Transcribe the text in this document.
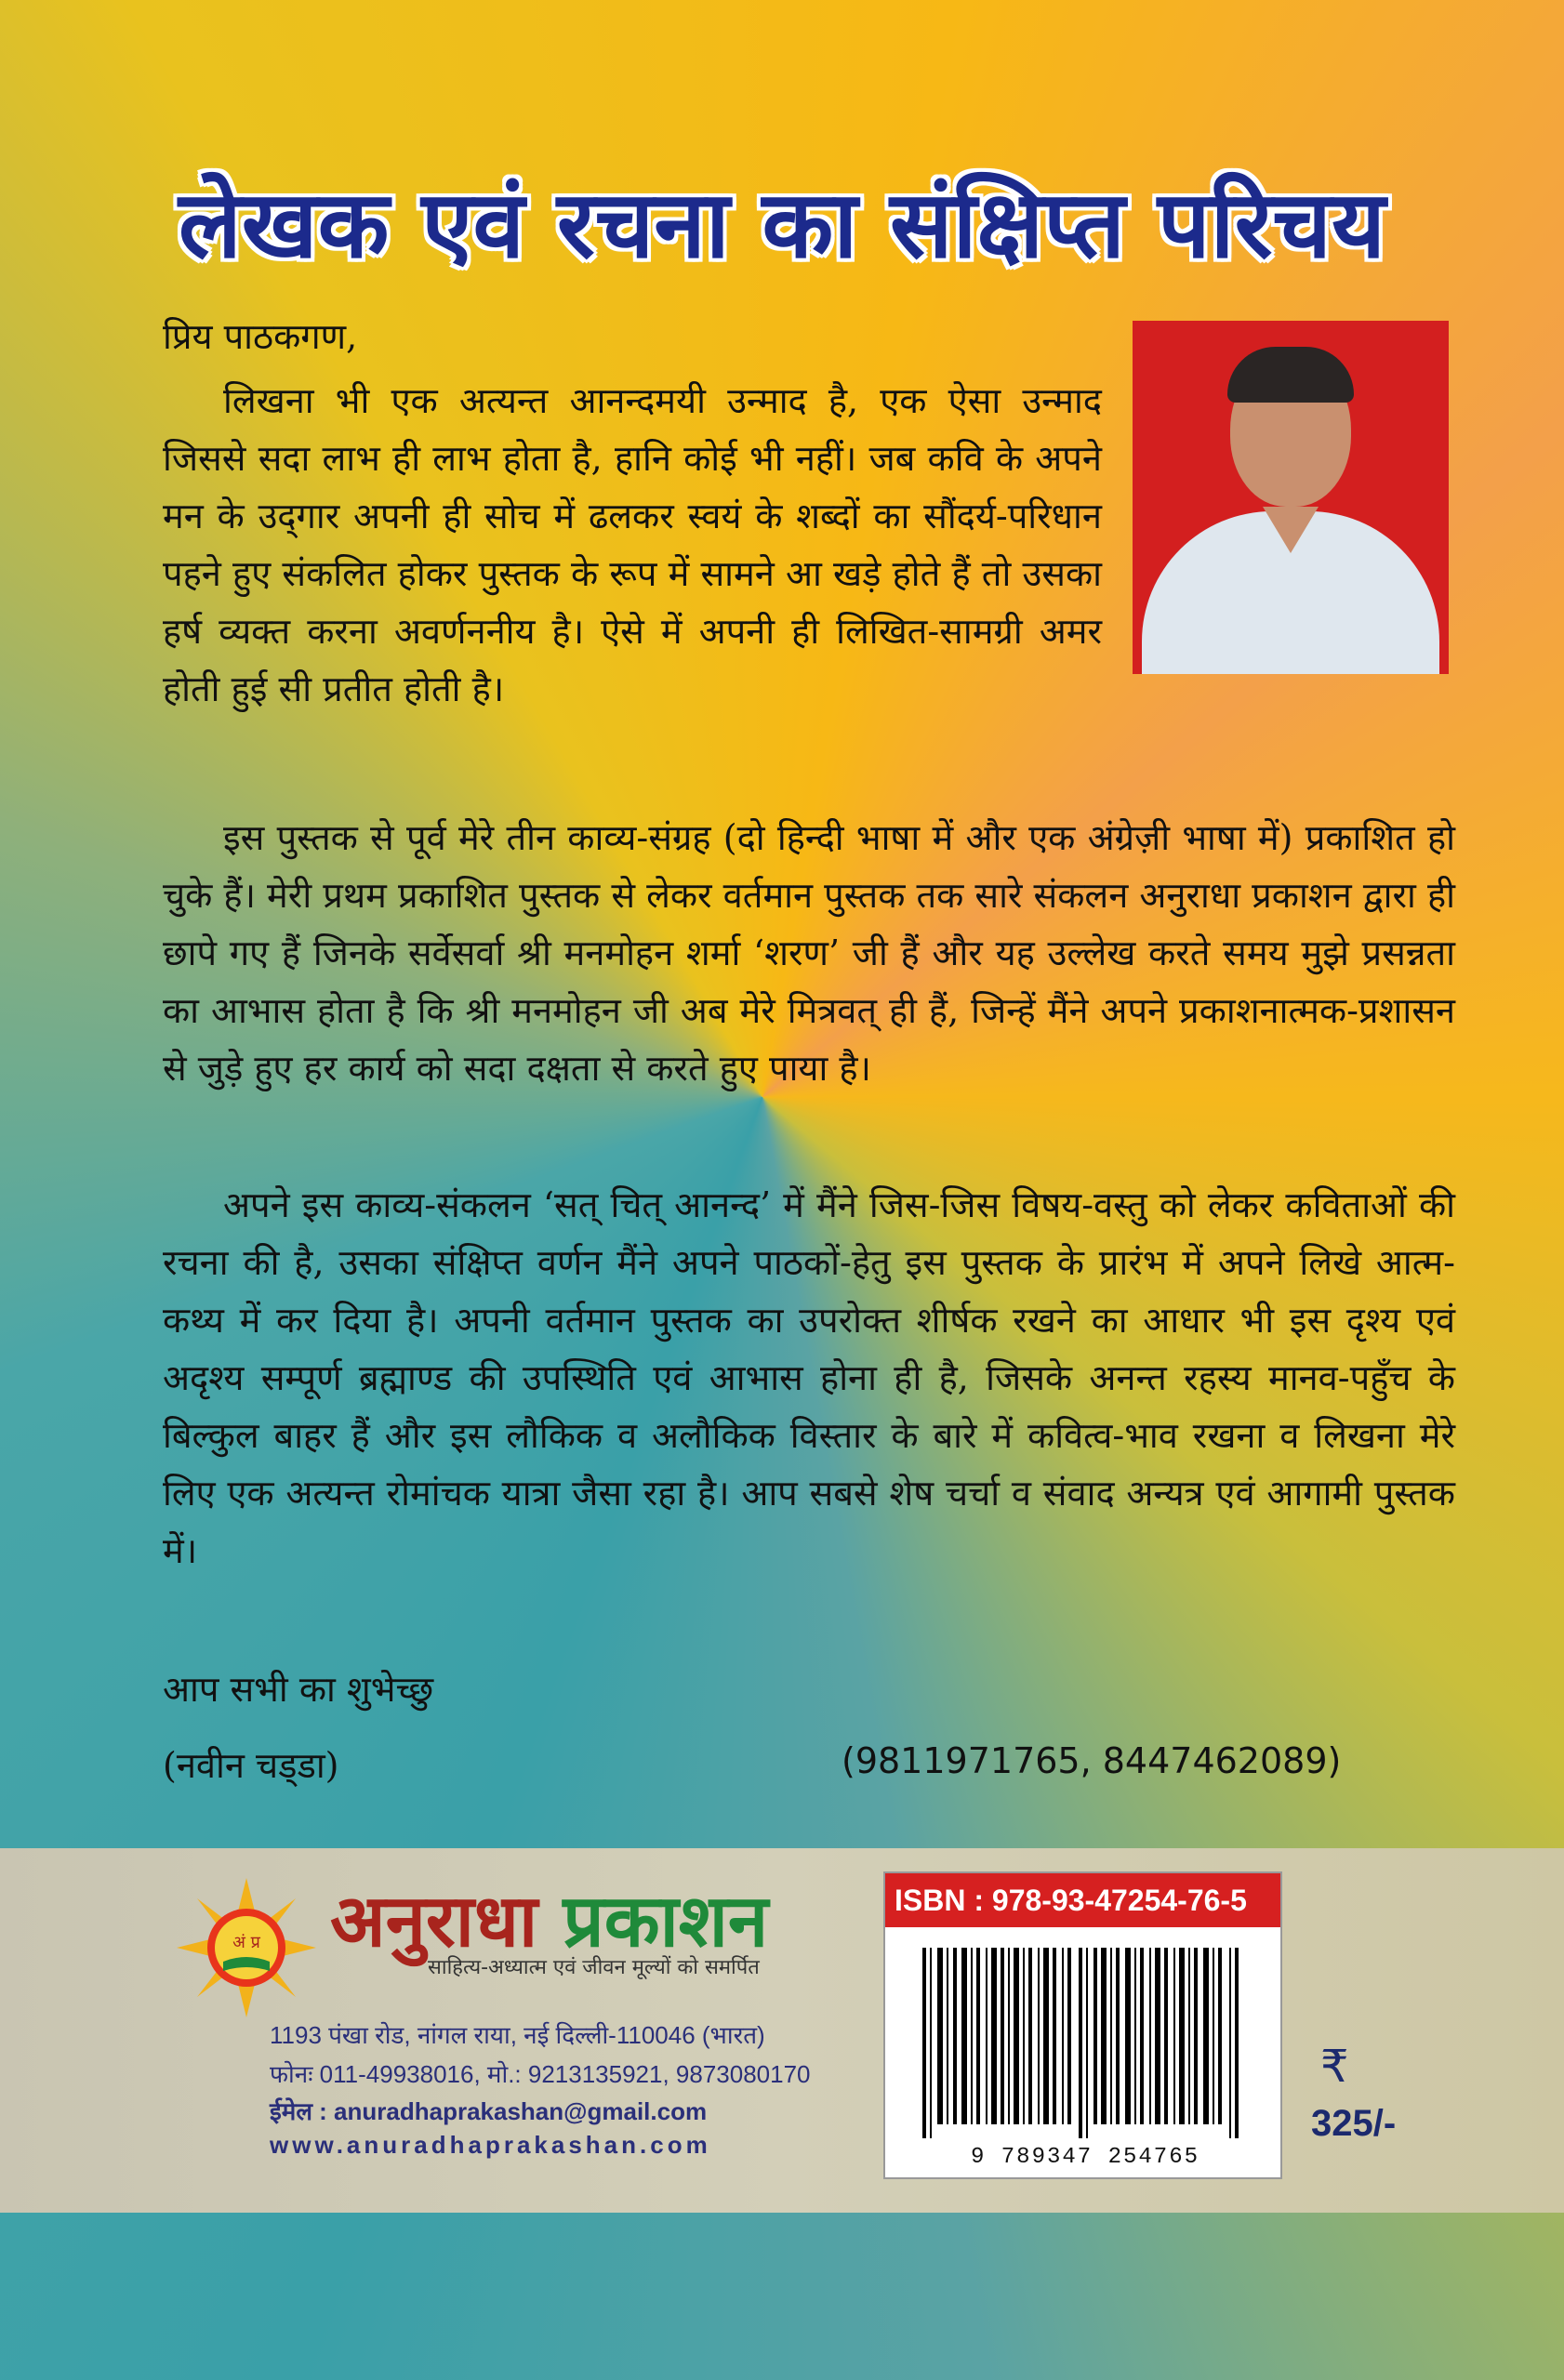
लेखक एवं रचना का संक्षिप्त परिचय
प्रिय पाठकगण,

लिखना भी एक अत्यन्त आनन्दमयी उन्माद है, एक ऐसा उन्माद जिससे सदा लाभ ही लाभ होता है, हानि कोई भी नहीं। जब कवि के अपने मन के उद्‌गार अपनी ही सोच में ढलकर स्वयं के शब्दों का सौंदर्य-परिधान पहने हुए संकलित होकर पुस्तक के रूप में सामने आ खड़े होते हैं तो उसका हर्ष व्यक्त करना अवर्णननीय है। ऐसे में अपनी ही लिखित-सामग्री अमर होती हुई सी प्रतीत होती है।

इस पुस्तक से पूर्व मेरे तीन काव्य-संग्रह (दो हिन्दी भाषा में और एक अंग्रेज़ी भाषा में) प्रकाशित हो चुके हैं। मेरी प्रथम प्रकाशित पुस्तक से लेकर वर्तमान पुस्तक तक सारे संकलन अनुराधा प्रकाशन द्वारा ही छापे गए हैं जिनके सर्वेसर्वा श्री मनमोहन शर्मा ‘शरण’ जी हैं और यह उल्लेख करते समय मुझे प्रसन्नता का आभास होता है कि श्री मनमोहन जी अब मेरे मित्रवत्‌ ही हैं, जिन्हें मैंने अपने प्रकाशनात्मक-प्रशासन से जुड़े हुए हर कार्य को सदा दक्षता से करते हुए पाया है।

अपने इस काव्य-संकलन ‘सत्‌ चित्‌ आनन्द’ में मैंने जिस-जिस विषय-वस्तु को लेकर कविताओं की रचना की है, उसका संक्षिप्त वर्णन मैंने अपने पाठकों-हेतु इस पुस्तक के प्रारंभ में अपने लिखे आत्म-कथ्य में कर दिया है। अपनी वर्तमान पुस्तक का उपरोक्त शीर्षक रखने का आधार भी इस दृश्य एवं अदृश्य सम्पूर्ण ब्रह्माण्ड की उपस्थिति एवं आभास होना ही है, जिसके अनन्त रहस्य मानव-पहुँच के बिल्कुल बाहर हैं और इस लौकिक व अलौकिक विस्तार के बारे में कवित्व-भाव रखना व लिखना मेरे लिए एक अत्यन्त रोमांचक यात्रा जैसा रहा है। आप सबसे शेष चर्चा व संवाद अन्यत्र एवं आगामी पुस्तक में।

आप सभी का शुभेच्छु
(नवीन चड्‌डा)	(9811971765, 8447462089)
अं प्र अनुराधा प्रकाशन
साहित्य-अध्यात्म एवं जीवन मूल्यों को समर्पित
1193 पंखा रोड, नांगल राया, नई दिल्ली-110046 (भारत)
फोनः 011-49938016, मो.: 9213135921, 9873080170
ईमेल : anuradhaprakashan@gmail.com
www.anuradhaprakashan.com
ISBN : 978-93-47254-76-5
9 789347 254765
₹
325/-
